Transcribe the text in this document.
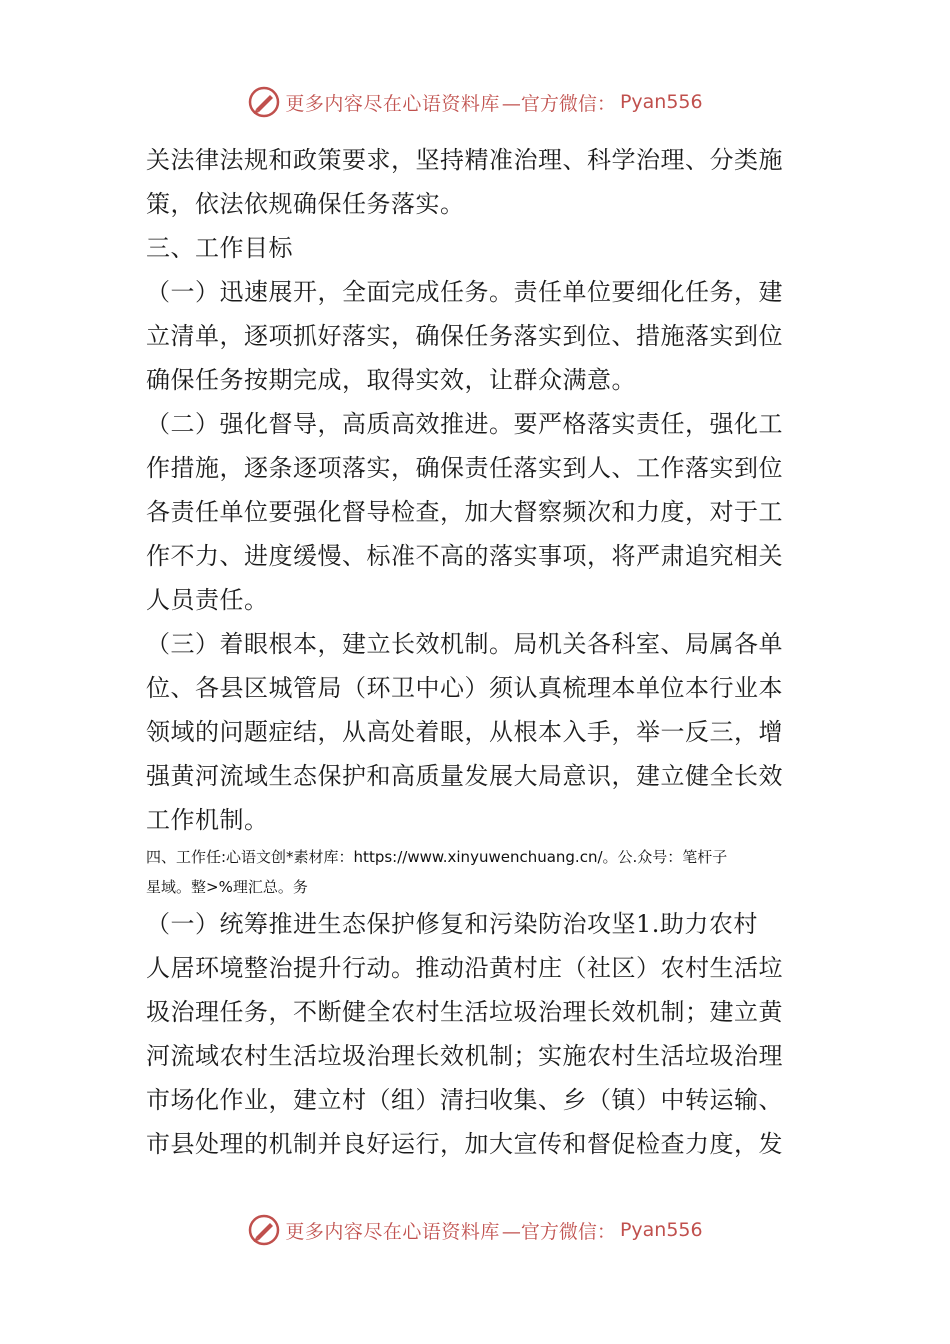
更多内容尽在心语资料库 —官方微信： Pyan556
关法律法规和政策要求，坚持精准治理、科学治理、分类施
策，依法依规确保任务落实。
三、工作目标
（一）迅速展开，全面完成任务。责任单位要细化任务，建
立清单，逐项抓好落实，确保任务落实到位、措施落实到位
确保任务按期完成，取得实效，让群众满意。
（二）强化督导，高质高效推进。要严格落实责任，强化工
作措施，逐条逐项落实，确保责任落实到人、工作落实到位
各责任单位要强化督导检查，加大督察频次和力度，对于工
作不力、进度缓慢、标准不高的落实事项，将严肃追究相关
人员责任。
（三）着眼根本，建立长效机制。局机关各科室、局属各单
位、各县区城管局（环卫中心）须认真梳理本单位本行业本
领域的问题症结，从高处着眼，从根本入手，举一反三，增
强黄河流域生态保护和高质量发展大局意识，建立健全长效
工作机制。
四、工作任:心语文创*素材库：https://www.xinyuwenchuang.cn/。公.众号：笔杆子
星域。整>%理汇总。务
（一）统筹推进生态保护修复和污染防治攻坚1.助力农村
人居环境整治提升行动。推动沿黄村庄（社区）农村生活垃
圾治理任务，不断健全农村生活垃圾治理长效机制；建立黄
河流域农村生活垃圾治理长效机制；实施农村生活垃圾治理
市场化作业，建立村（组）清扫收集、乡（镇）中转运输、
市县处理的机制并良好运行，加大宣传和督促检查力度，发
更多内容尽在心语资料库 —官方微信： Pyan556
